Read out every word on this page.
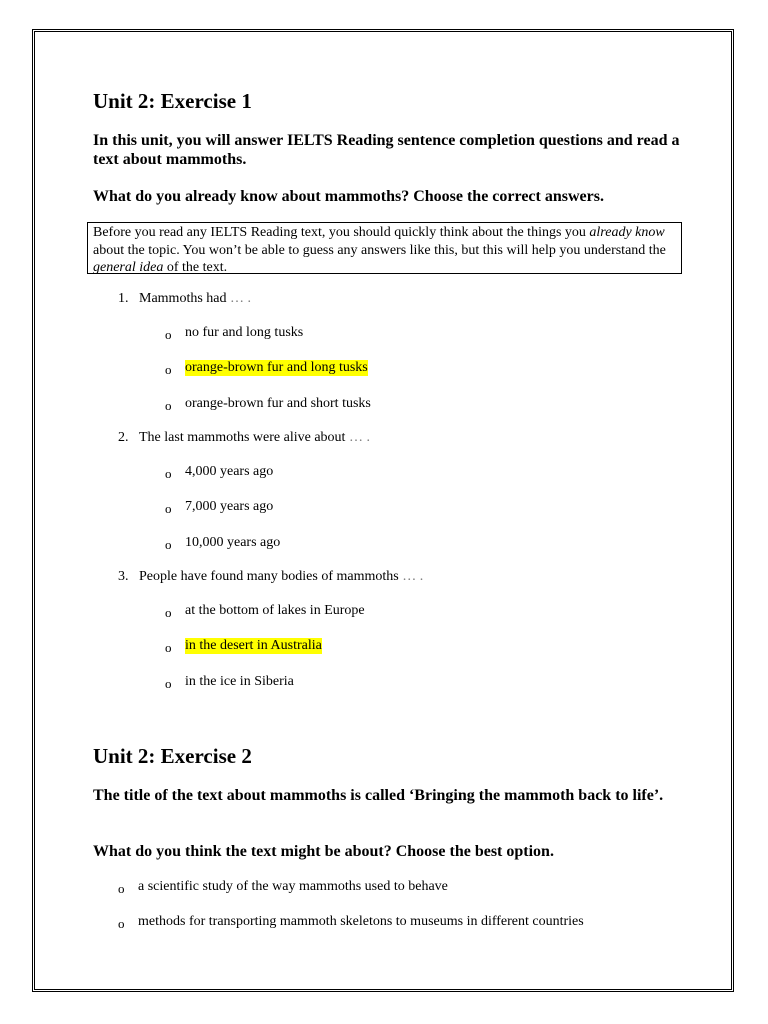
Unit 2: Exercise 1
In this unit, you will answer IELTS Reading sentence completion questions and read a text about mammoths.
What do you already know about mammoths? Choose the correct answers.
Before you read any IELTS Reading text, you should quickly think about the things you already know about the topic. You won’t be able to guess any answers like this, but this will help you understand the general idea of the text.
1. Mammoths had … .
o no fur and long tusks
o orange-brown fur and long tusks
o orange-brown fur and short tusks
2. The last mammoths were alive about … .
o 4,000 years ago
o 7,000 years ago
o 10,000 years ago
3. People have found many bodies of mammoths … .
o at the bottom of lakes in Europe
o in the desert in Australia
o in the ice in Siberia
Unit 2: Exercise 2
The title of the text about mammoths is called ‘Bringing the mammoth back to life’.
What do you think the text might be about? Choose the best option.
o a scientific study of the way mammoths used to behave
o methods for transporting mammoth skeletons to museums in different countries
